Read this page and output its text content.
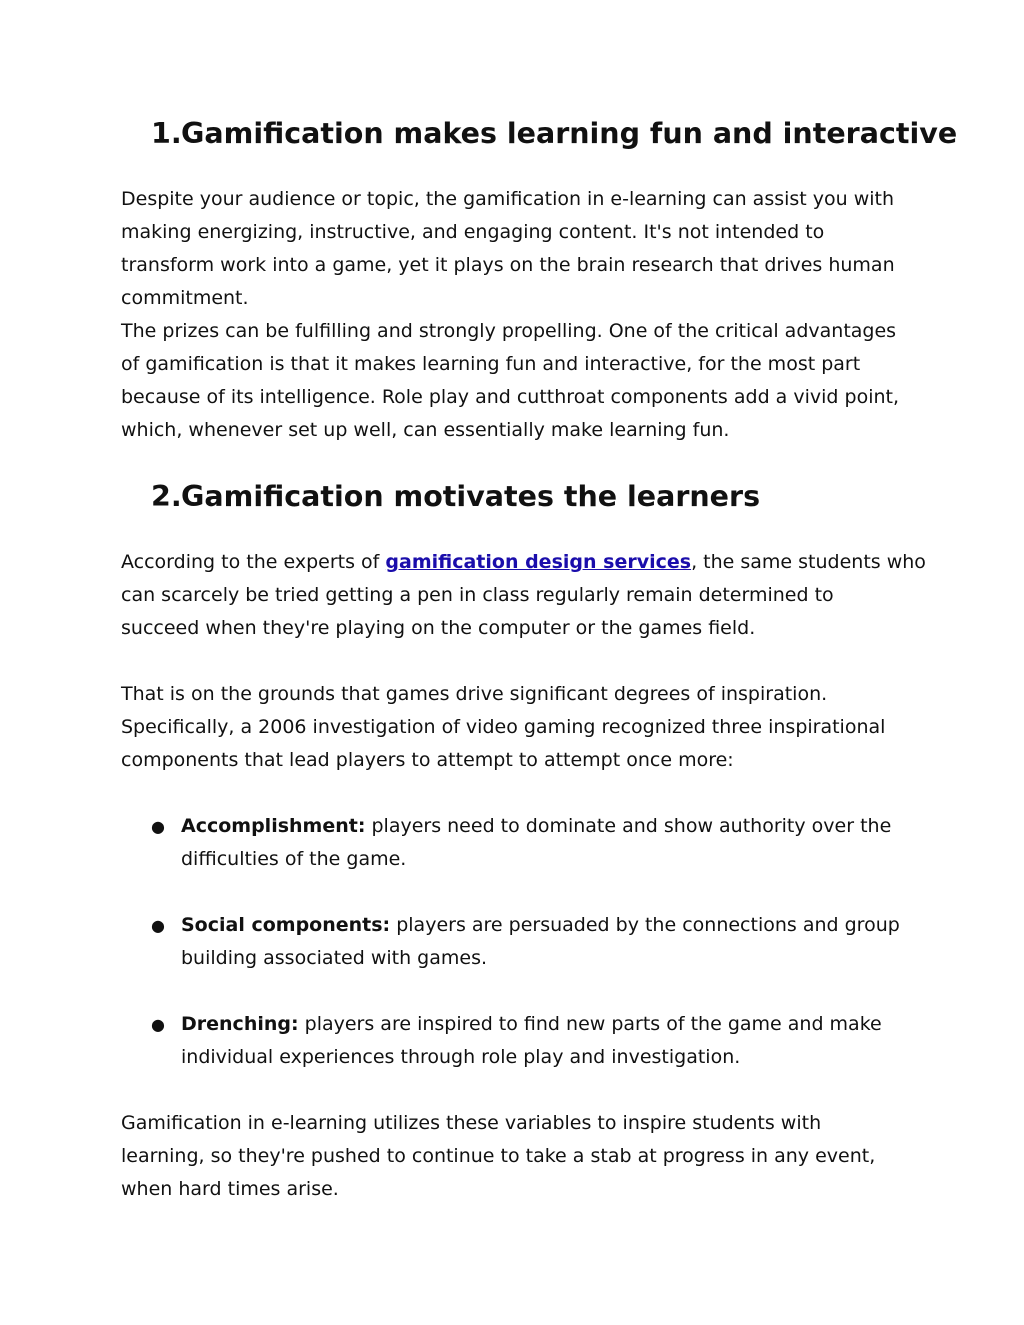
1. Gamification makes learning fun and interactive

Despite your audience or topic, the gamification in e-learning can assist you with

making energizing, instructive, and engaging content. It's not intended to

transform work into a game, yet it plays on the brain research that drives human

commitment.

The prizes can be fulfilling and strongly propelling. One of the critical advantages

of gamification is that it makes learning fun and interactive, for the most part

because of its intelligence. Role play and cutthroat components add a vivid point,

which, whenever set up well, can essentially make learning fun.

2. Gamification motivates the learners

According to the experts of gamification design services, the same students who

can scarcely be tried getting a pen in class regularly remain determined to

succeed when they're playing on the computer or the games field.

That is on the grounds that games drive significant degrees of inspiration.

Specifically, a 2006 investigation of video gaming recognized three inspirational

components that lead players to attempt to attempt once more:

● Accomplishment: players need to dominate and show authority over the
difficulties of the game.
● Social components: players are persuaded by the connections and group
building associated with games.
● Drenching: players are inspired to find new parts of the game and make
individual experiences through role play and investigation.

Gamification in e-learning utilizes these variables to inspire students with

learning, so they're pushed to continue to take a stab at progress in any event,

when hard times arise.
